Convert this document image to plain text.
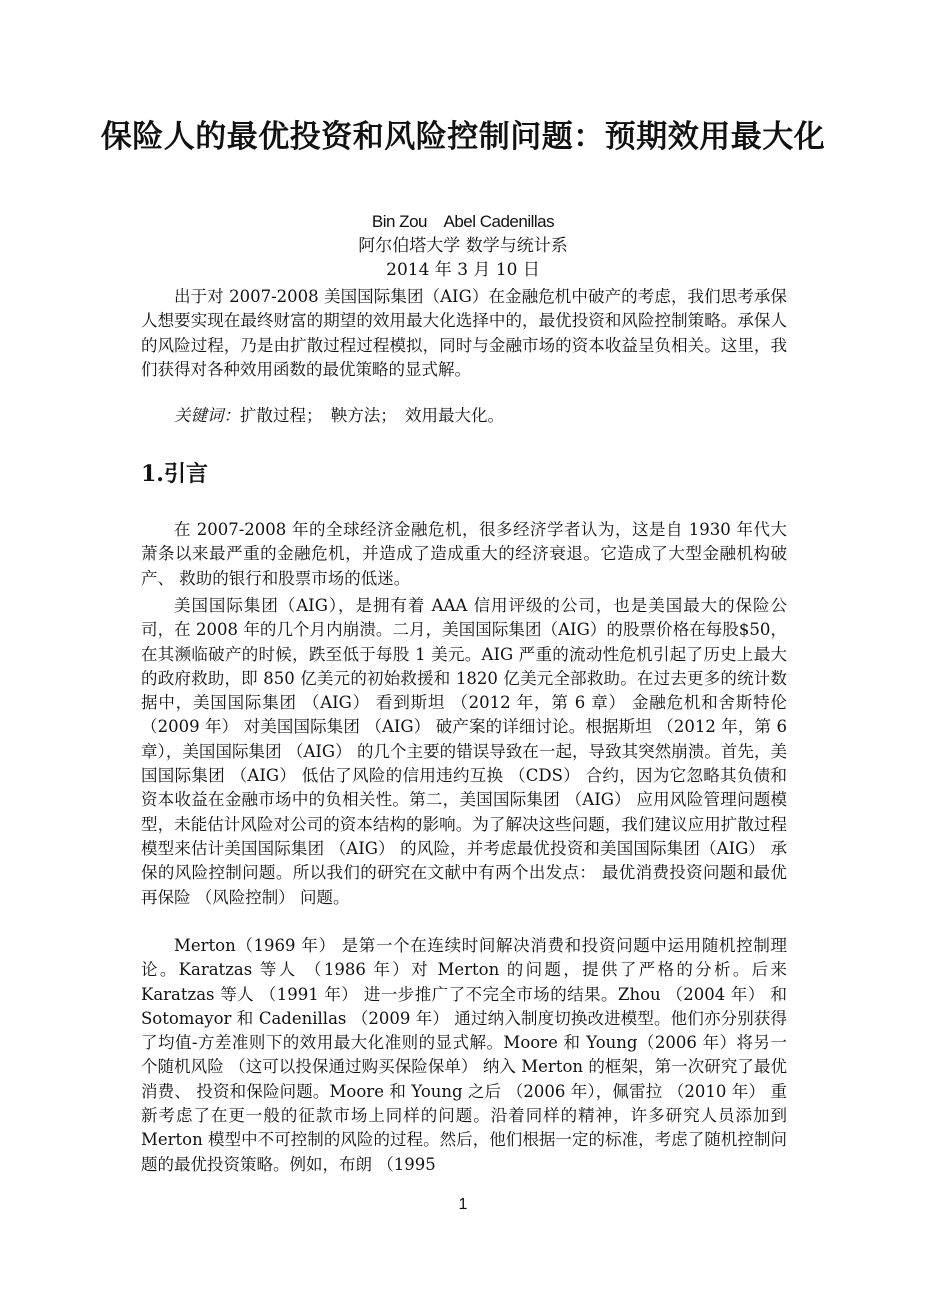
保险人的最优投资和风险控制问题：预期效用最大化
Bin Zou　Abel Cadenillas
阿尔伯塔大学 数学与统计系
2014 年 3 月 10 日

出于对 2007-2008 美国国际集团（AIG）在金融危机中破产的考虑，我们思考承保人想要实现在最终财富的期望的效用最大化选择中的，最优投资和风险控制策略。承保人的风险过程，乃是由扩散过程过程模拟，同时与金融市场的资本收益呈负相关。这里，我们获得对各种效用函数的最优策略的显式解。

关键词：扩散过程；　鞅方法；　效用最大化。
1.引言

在 2007-2008 年的全球经济金融危机，很多经济学者认为，这是自 1930 年代大萧条以来最严重的金融危机，并造成了造成重大的经济衰退。它造成了大型金融机构破产、 救助的银行和股票市场的低迷。

美国国际集团（AIG），是拥有着 AAA 信用评级的公司，也是美国最大的保险公司，在 2008 年的几个月内崩溃。二月，美国国际集团（AIG）的股票价格在每股$50，在其濒临破产的时候，跌至低于每股 1 美元。AIG 严重的流动性危机引起了历史上最大的政府救助，即 850 亿美元的初始救援和 1820 亿美元全部救助。在过去更多的统计数据中，美国国际集团 （AIG） 看到斯坦 （2012 年，第 6 章） 金融危机和舍斯特伦 （2009 年） 对美国国际集团 （AIG） 破产案的详细讨论。根据斯坦 （2012 年，第 6 章），美国国际集团 （AIG） 的几个主要的错误导致在一起，导致其突然崩溃。首先，美国国际集团 （AIG） 低估了风险的信用违约互换 （CDS） 合约，因为它忽略其负债和资本收益在金融市场中的负相关性。第二，美国国际集团 （AIG） 应用风险管理问题模型，未能估计风险对公司的资本结构的影响。为了解决这些问题，我们建议应用扩散过程模型来估计美国国际集团 （AIG） 的风险，并考虑最优投资和美国国际集团（AIG） 承保的风险控制问题。所以我们的研究在文献中有两个出发点： 最优消费投资问题和最优再保险 （风险控制） 问题。

Merton（1969 年） 是第一个在连续时间解决消费和投资问题中运用随机控制理论。Karatzas 等人 （1986 年）对 Merton 的问题，提供了严格的分析。后来 Karatzas 等人 （1991 年） 进一步推广了不完全市场的结果。Zhou （2004 年） 和 Sotomayor 和 Cadenillas （2009 年） 通过纳入制度切换改进模型。他们亦分别获得了均值-方差准则下的效用最大化准则的显式解。Moore 和 Young（2006 年）将另一个随机风险 （这可以投保通过购买保险保单） 纳入 Merton 的框架，第一次研究了最优消费、 投资和保险问题。Moore 和 Young 之后 （2006 年），佩雷拉 （2010 年） 重新考虑了在更一般的征款市场上同样的问题。沿着同样的精神，许多研究人员添加到 Merton 模型中不可控制的风险的过程。然后，他们根据一定的标准，考虑了随机控制问题的最优投资策略。例如，布朗 （1995

1
